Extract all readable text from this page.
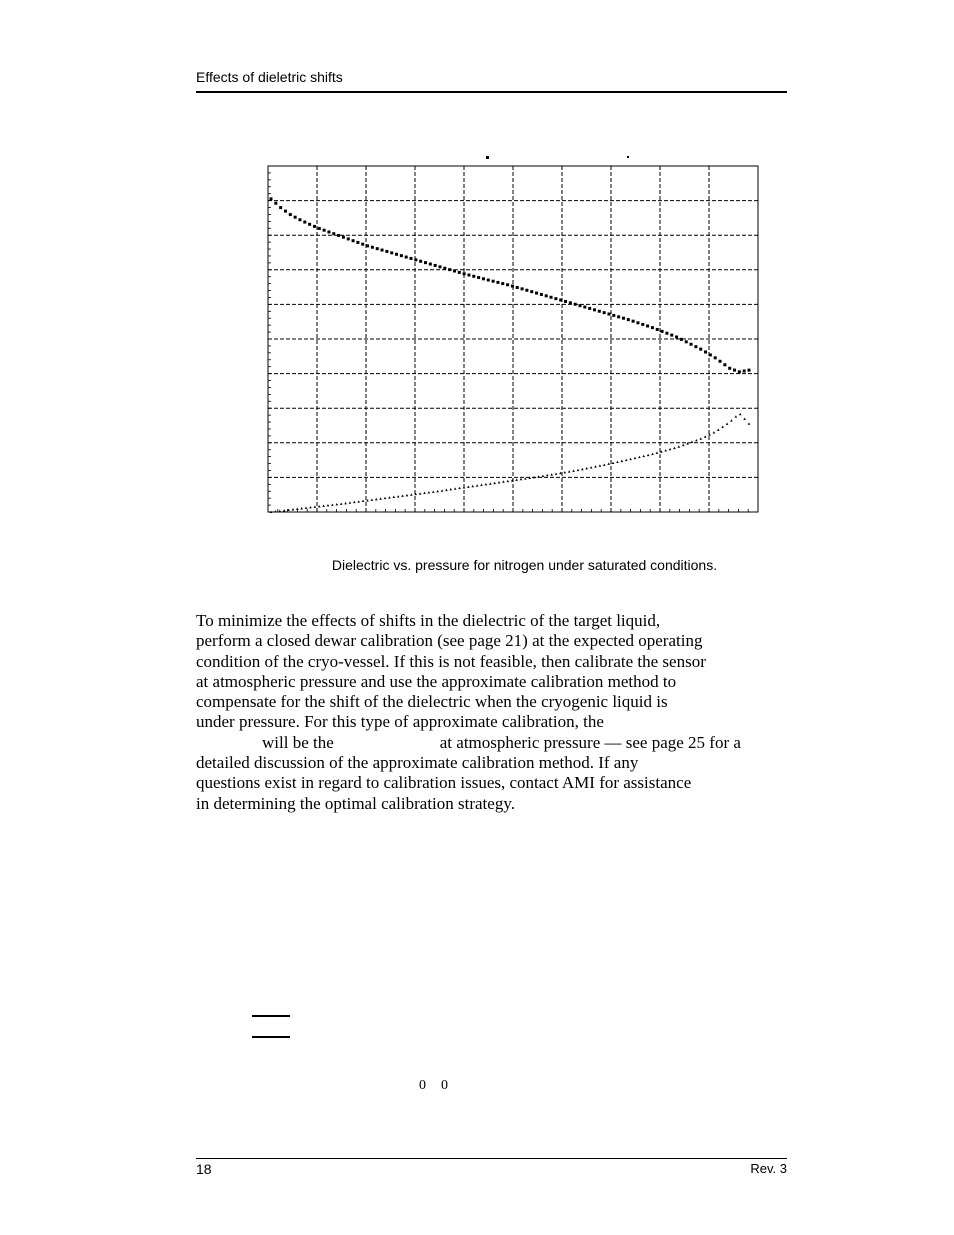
Effects of dieletric shifts
Dielectric vs. pressure for nitrogen under saturated conditions.
To minimize the effects of shifts in the dielectric of the target liquid,
perform a closed dewar calibration (see page 21) at the expected operating
condition of the cryo-vessel. If this is not feasible, then calibrate the sensor
at atmospheric pressure and use the approximate calibration method to
compensate for the shift of the dielectric when the cryogenic liquid is
under pressure. For this type of approximate calibration, the
will be the	at atmospheric pressure — see page 25 for a
detailed discussion of the approximate calibration method. If any
questions exist in regard to calibration issues, contact AMI for assistance
in determining the optimal calibration strategy.
0 0
18	Rev. 3
